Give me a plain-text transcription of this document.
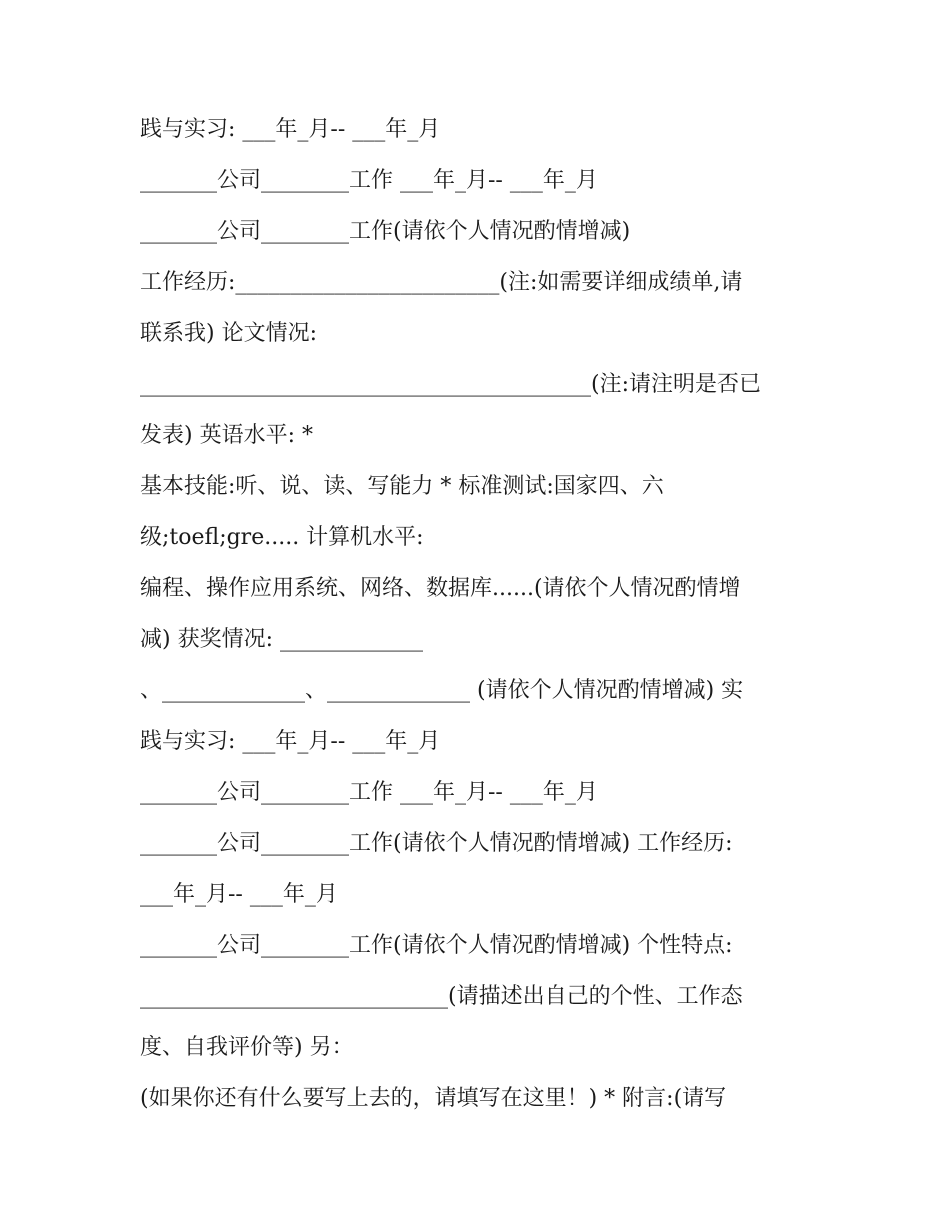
践与实习: ___年_月-- ___年_月
_______公司________工作 ___年_月-- ___年_月
_______公司________工作(请依个人情况酌情增减)
工作经历:________________________(注:如需要详细成绩单,请
联系我) 论文情况:
_________________________________________(注:请注明是否已
发表) 英语水平: *
基本技能:听、说、读、写能力 * 标准测试:国家四、六
级;toefl;gre..... 计算机水平:
编程、操作应用系统、网络、数据库......(请依个人情况酌情增
减) 获奖情况: _____________
、_____________、_____________ (请依个人情况酌情增减) 实
践与实习: ___年_月-- ___年_月
_______公司________工作 ___年_月-- ___年_月
_______公司________工作(请依个人情况酌情增减) 工作经历:
___年_月-- ___年_月
_______公司________工作(请依个人情况酌情增减) 个性特点:
____________________________(请描述出自己的个性、工作态
度、自我评价等) 另：
(如果你还有什么要写上去的，请填写在这里！) * 附言:(请写
